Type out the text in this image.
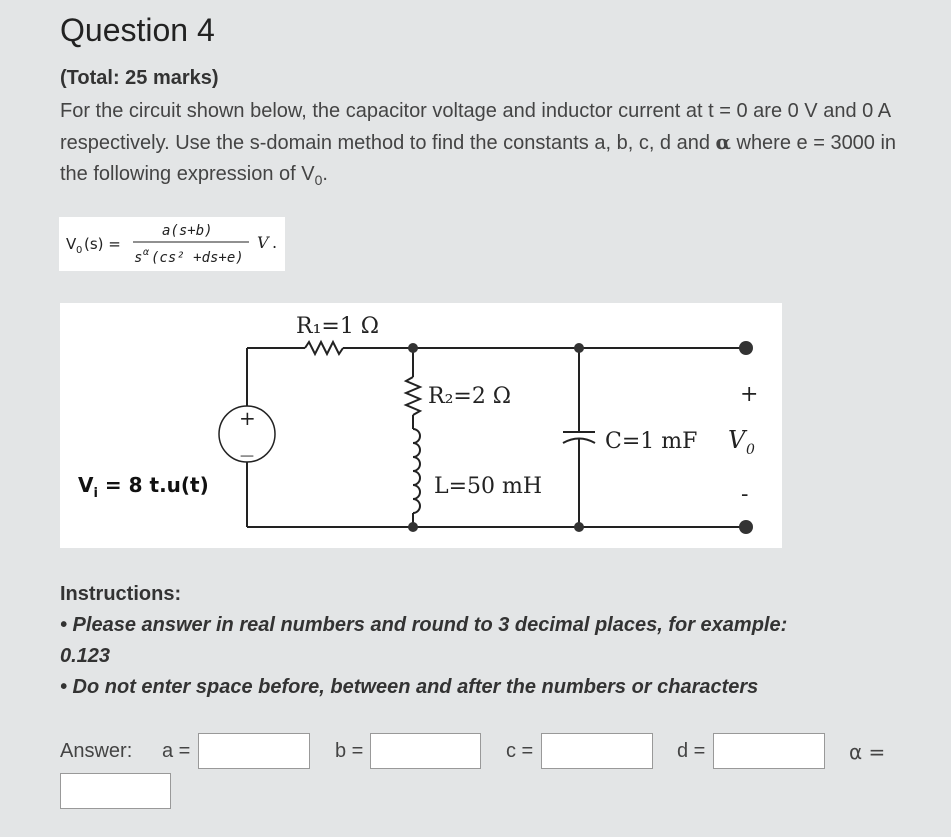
Question 4
(Total: 25 marks)
For the circuit shown below, the capacitor voltage and inductor current at t = 0 are 0 V and 0 A respectively. Use the s-domain method to find the constants a, b, c, d and α where e = 3000 in the following expression of $V_0$.
V 0 (s) =
a(s+b)
s α (cs² +ds+e)
V .
R₁=1 Ω
R₂=2 Ω
L=50 mH
C=1 mF V 0
+
-
+
—
$V_i = 8$ t.u(t)
Instructions:
• Please answer in real numbers and round to 3 decimal places, for example:
0.123
• Do not enter space before, between and after the numbers or characters
Answer: a =	b =	c =	d =	α =
